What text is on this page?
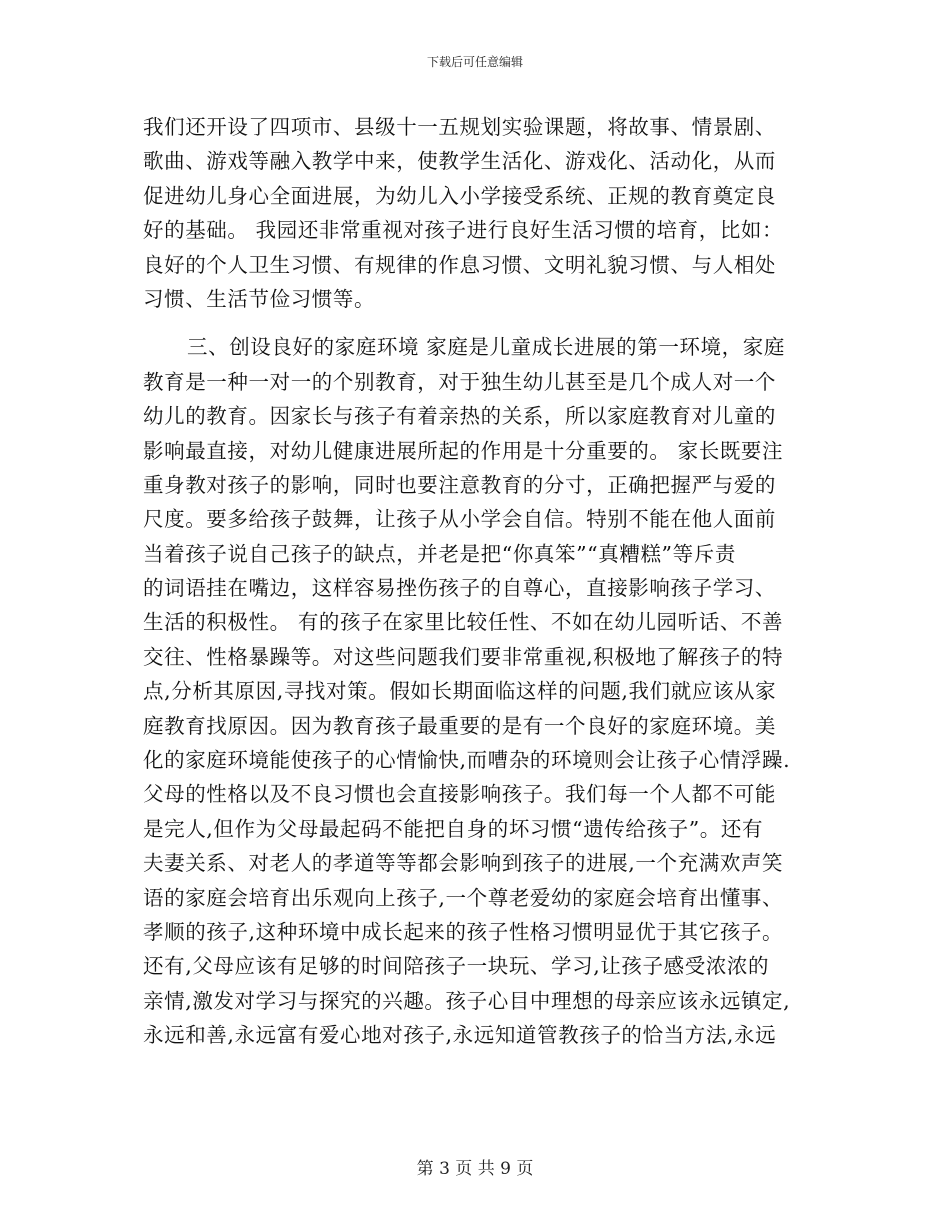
下载后可任意编辑
我们还开设了四项市、县级十一五规划实验课题，将故事、情景剧、
歌曲、游戏等融入教学中来，使教学生活化、游戏化、活动化，从而
促进幼儿身心全面进展，为幼儿入小学接受系统、正规的教育奠定良
好的基础。 我园还非常重视对孩子进行良好生活习惯的培育，比如：
良好的个人卫生习惯、有规律的作息习惯、文明礼貌习惯、与人相处
习惯、生活节俭习惯等。
三、创设良好的家庭环境 家庭是儿童成长进展的第一环境，家庭
教育是一种一对一的个别教育，对于独生幼儿甚至是几个成人对一个
幼儿的教育。因家长与孩子有着亲热的关系，所以家庭教育对儿童的
影响最直接，对幼儿健康进展所起的作用是十分重要的。 家长既要注
重身教对孩子的影响，同时也要注意教育的分寸，正确把握严与爱的
尺度。要多给孩子鼓舞，让孩子从小学会自信。特别不能在他人面前
当着孩子说自己孩子的缺点，并老是把“你真笨”“真糟糕”等斥责
的词语挂在嘴边，这样容易挫伤孩子的自尊心，直接影响孩子学习、
生活的积极性。 有的孩子在家里比较任性、不如在幼儿园听话、不善
交往、性格暴躁等。对这些问题我们要非常重视,积极地了解孩子的特
点,分析其原因,寻找对策。假如长期面临这样的问题,我们就应该从家
庭教育找原因。因为教育孩子最重要的是有一个良好的家庭环境。美
化的家庭环境能使孩子的心情愉快,而嘈杂的环境则会让孩子心情浮躁.
父母的性格以及不良习惯也会直接影响孩子。我们每一个人都不可能
是完人,但作为父母最起码不能把自身的坏习惯“遗传给孩子”。还有
夫妻关系、对老人的孝道等等都会影响到孩子的进展,一个充满欢声笑
语的家庭会培育出乐观向上孩子,一个尊老爱幼的家庭会培育出懂事、
孝顺的孩子,这种环境中成长起来的孩子性格习惯明显优于其它孩子。
还有,父母应该有足够的时间陪孩子一块玩、学习,让孩子感受浓浓的
亲情,激发对学习与探究的兴趣。孩子心目中理想的母亲应该永远镇定,
永远和善,永远富有爱心地对孩子,永远知道管教孩子的恰当方法,永远
第 3 页 共 9 页
